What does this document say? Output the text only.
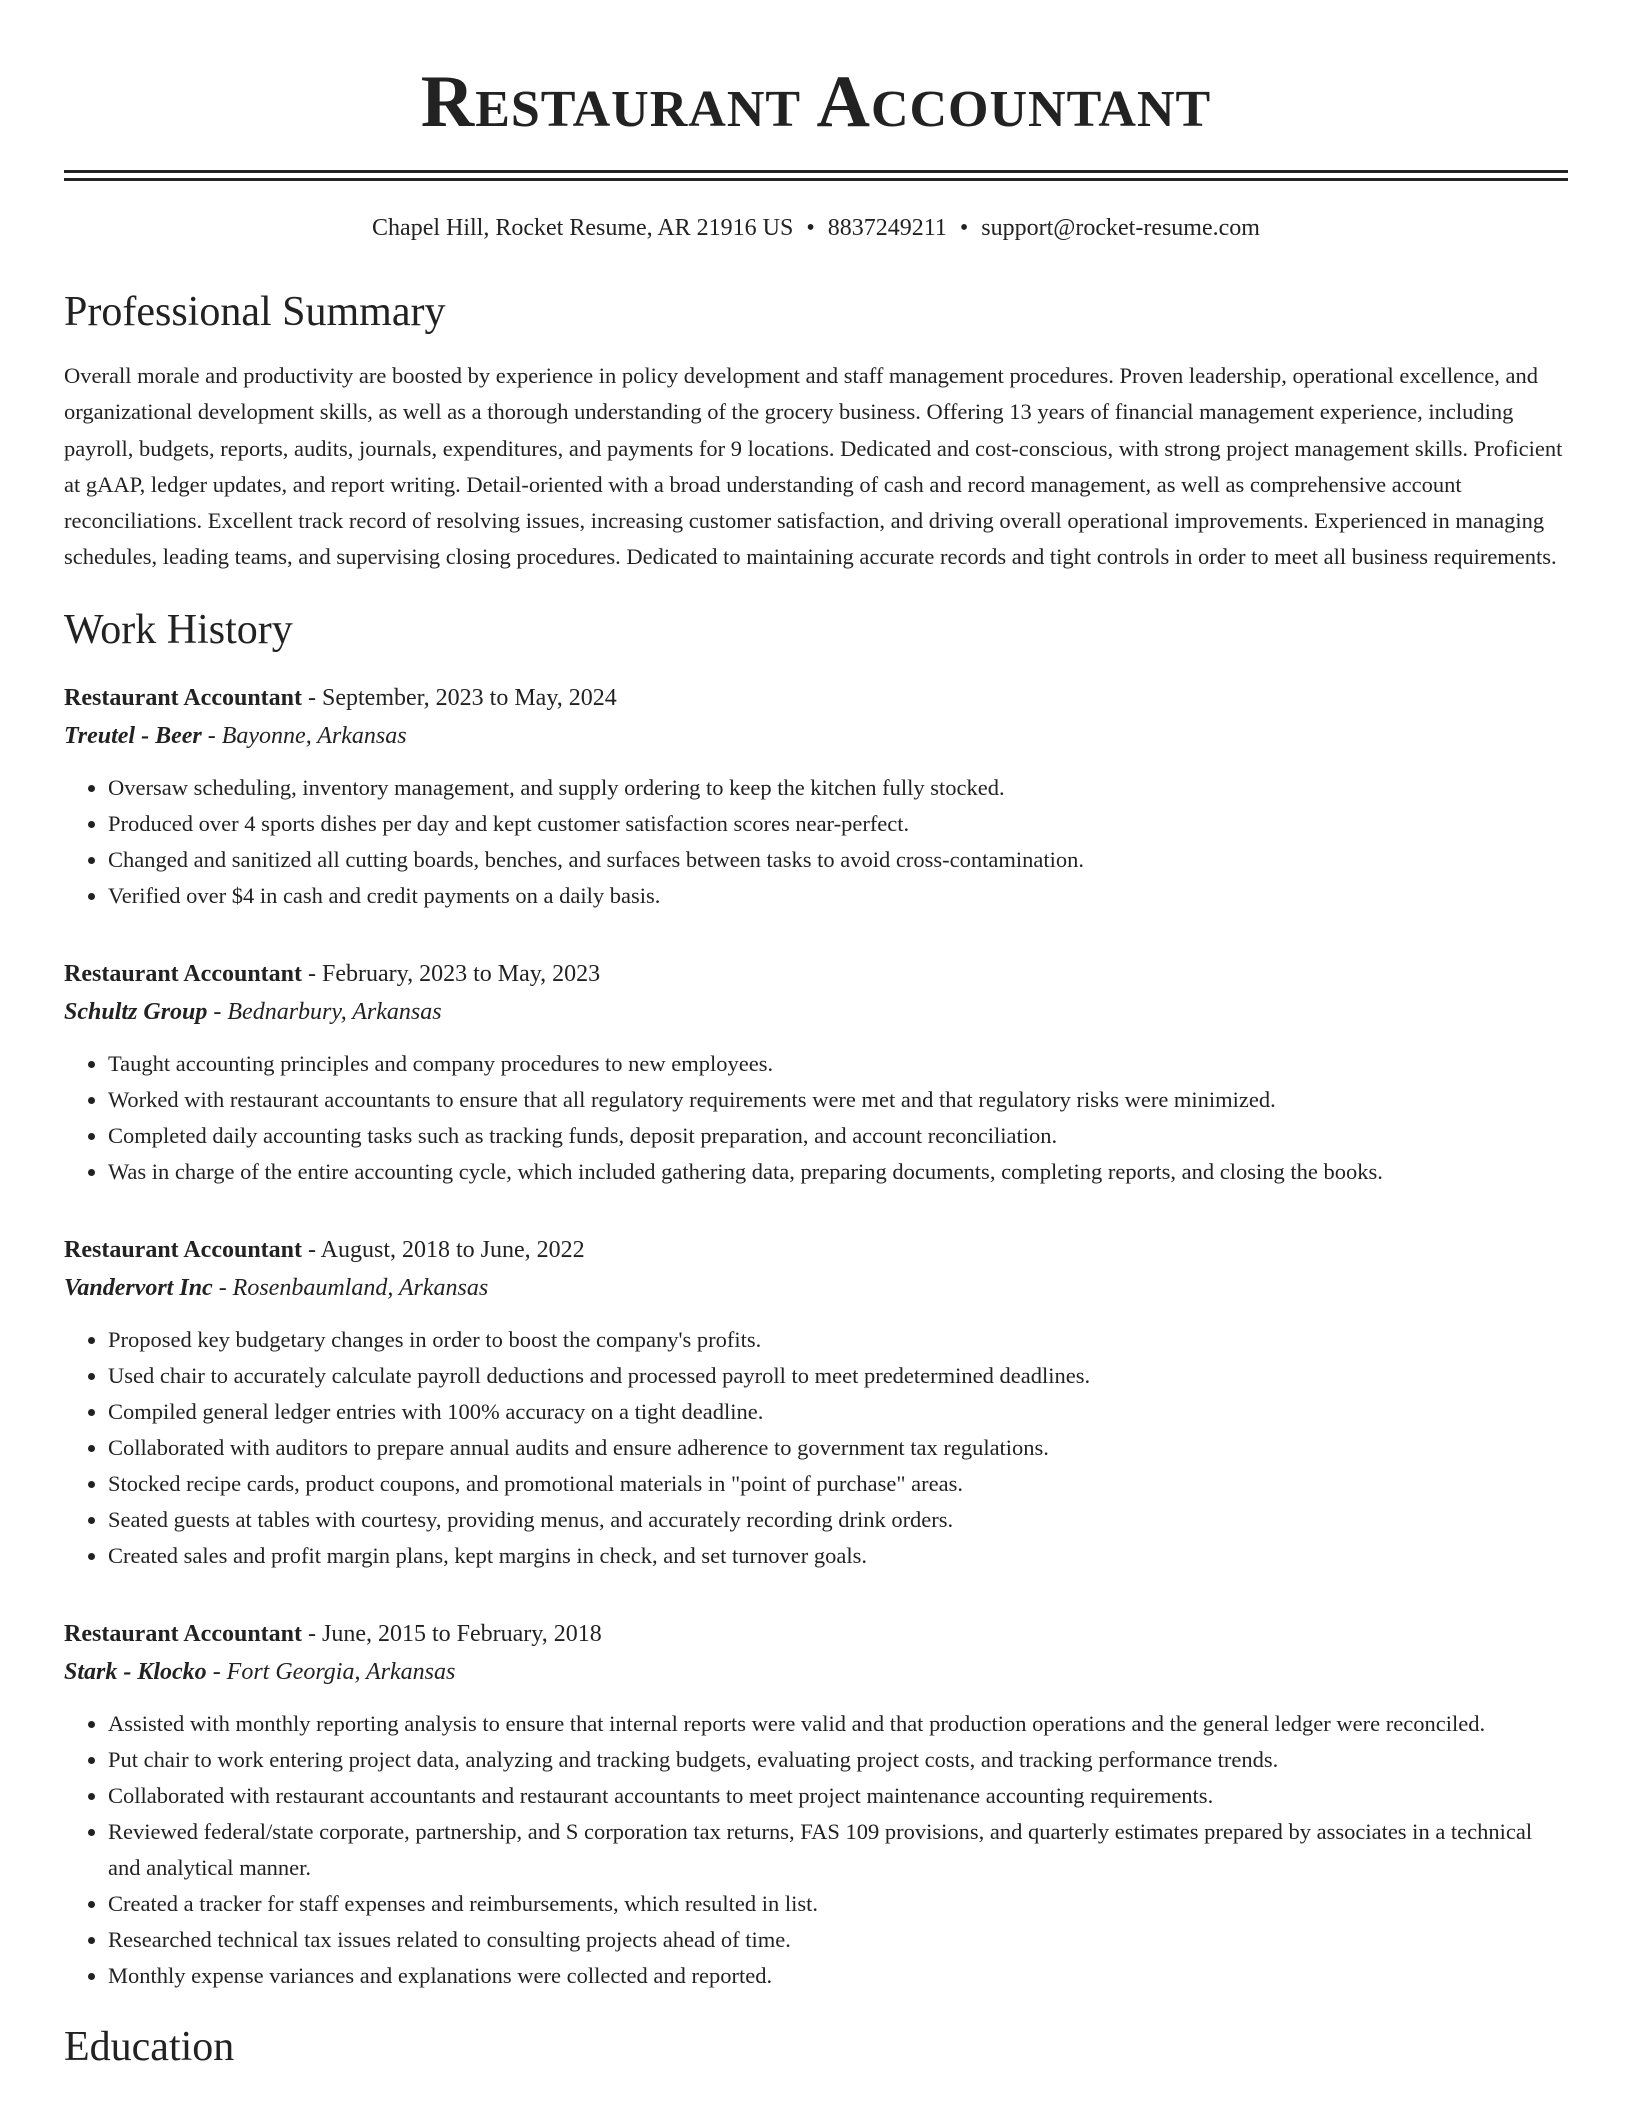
Restaurant Accountant
Chapel Hill, Rocket Resume, AR 21916 US • 8837249211 • support@rocket-resume.com
Professional Summary

Overall morale and productivity are boosted by experience in policy development and staff management procedures. Proven leadership, operational excellence, and organizational development skills, as well as a thorough understanding of the grocery business. Offering 13 years of financial management experience, including payroll, budgets, reports, audits, journals, expenditures, and payments for 9 locations. Dedicated and cost-conscious, with strong project management skills. Proficient at gAAP, ledger updates, and report writing. Detail-oriented with a broad understanding of cash and record management, as well as comprehensive account reconciliations. Excellent track record of resolving issues, increasing customer satisfaction, and driving overall operational improvements. Experienced in managing schedules, leading teams, and supervising closing procedures. Dedicated to maintaining accurate records and tight controls in order to meet all business requirements.

Work History
Restaurant Accountant - September, 2023 to May, 2024
Treutel - Beer - Bayonne, Arkansas
• Oversaw scheduling, inventory management, and supply ordering to keep the kitchen fully stocked.
• Produced over 4 sports dishes per day and kept customer satisfaction scores near-perfect.
• Changed and sanitized all cutting boards, benches, and surfaces between tasks to avoid cross-contamination.
• Verified over $4 in cash and credit payments on a daily basis.
Restaurant Accountant - February, 2023 to May, 2023
Schultz Group - Bednarbury, Arkansas
• Taught accounting principles and company procedures to new employees.
• Worked with restaurant accountants to ensure that all regulatory requirements were met and that regulatory risks were minimized.
• Completed daily accounting tasks such as tracking funds, deposit preparation, and account reconciliation.
• Was in charge of the entire accounting cycle, which included gathering data, preparing documents, completing reports, and closing the books.
Restaurant Accountant - August, 2018 to June, 2022
Vandervort Inc - Rosenbaumland, Arkansas
• Proposed key budgetary changes in order to boost the company's profits.
• Used chair to accurately calculate payroll deductions and processed payroll to meet predetermined deadlines.
• Compiled general ledger entries with 100% accuracy on a tight deadline.
• Collaborated with auditors to prepare annual audits and ensure adherence to government tax regulations.
• Stocked recipe cards, product coupons, and promotional materials in "point of purchase" areas.
• Seated guests at tables with courtesy, providing menus, and accurately recording drink orders.
• Created sales and profit margin plans, kept margins in check, and set turnover goals.
Restaurant Accountant - June, 2015 to February, 2018
Stark - Klocko - Fort Georgia, Arkansas
• Assisted with monthly reporting analysis to ensure that internal reports were valid and that production operations and the general ledger were reconciled.
• Put chair to work entering project data, analyzing and tracking budgets, evaluating project costs, and tracking performance trends.
• Collaborated with restaurant accountants and restaurant accountants to meet project maintenance accounting requirements.
• Reviewed federal/state corporate, partnership, and S corporation tax returns, FAS 109 provisions, and quarterly estimates prepared by associates in a technical and analytical manner.
• Created a tracker for staff expenses and reimbursements, which resulted in list.
• Researched technical tax issues related to consulting projects ahead of time.
• Monthly expense variances and explanations were collected and reported.
Education
